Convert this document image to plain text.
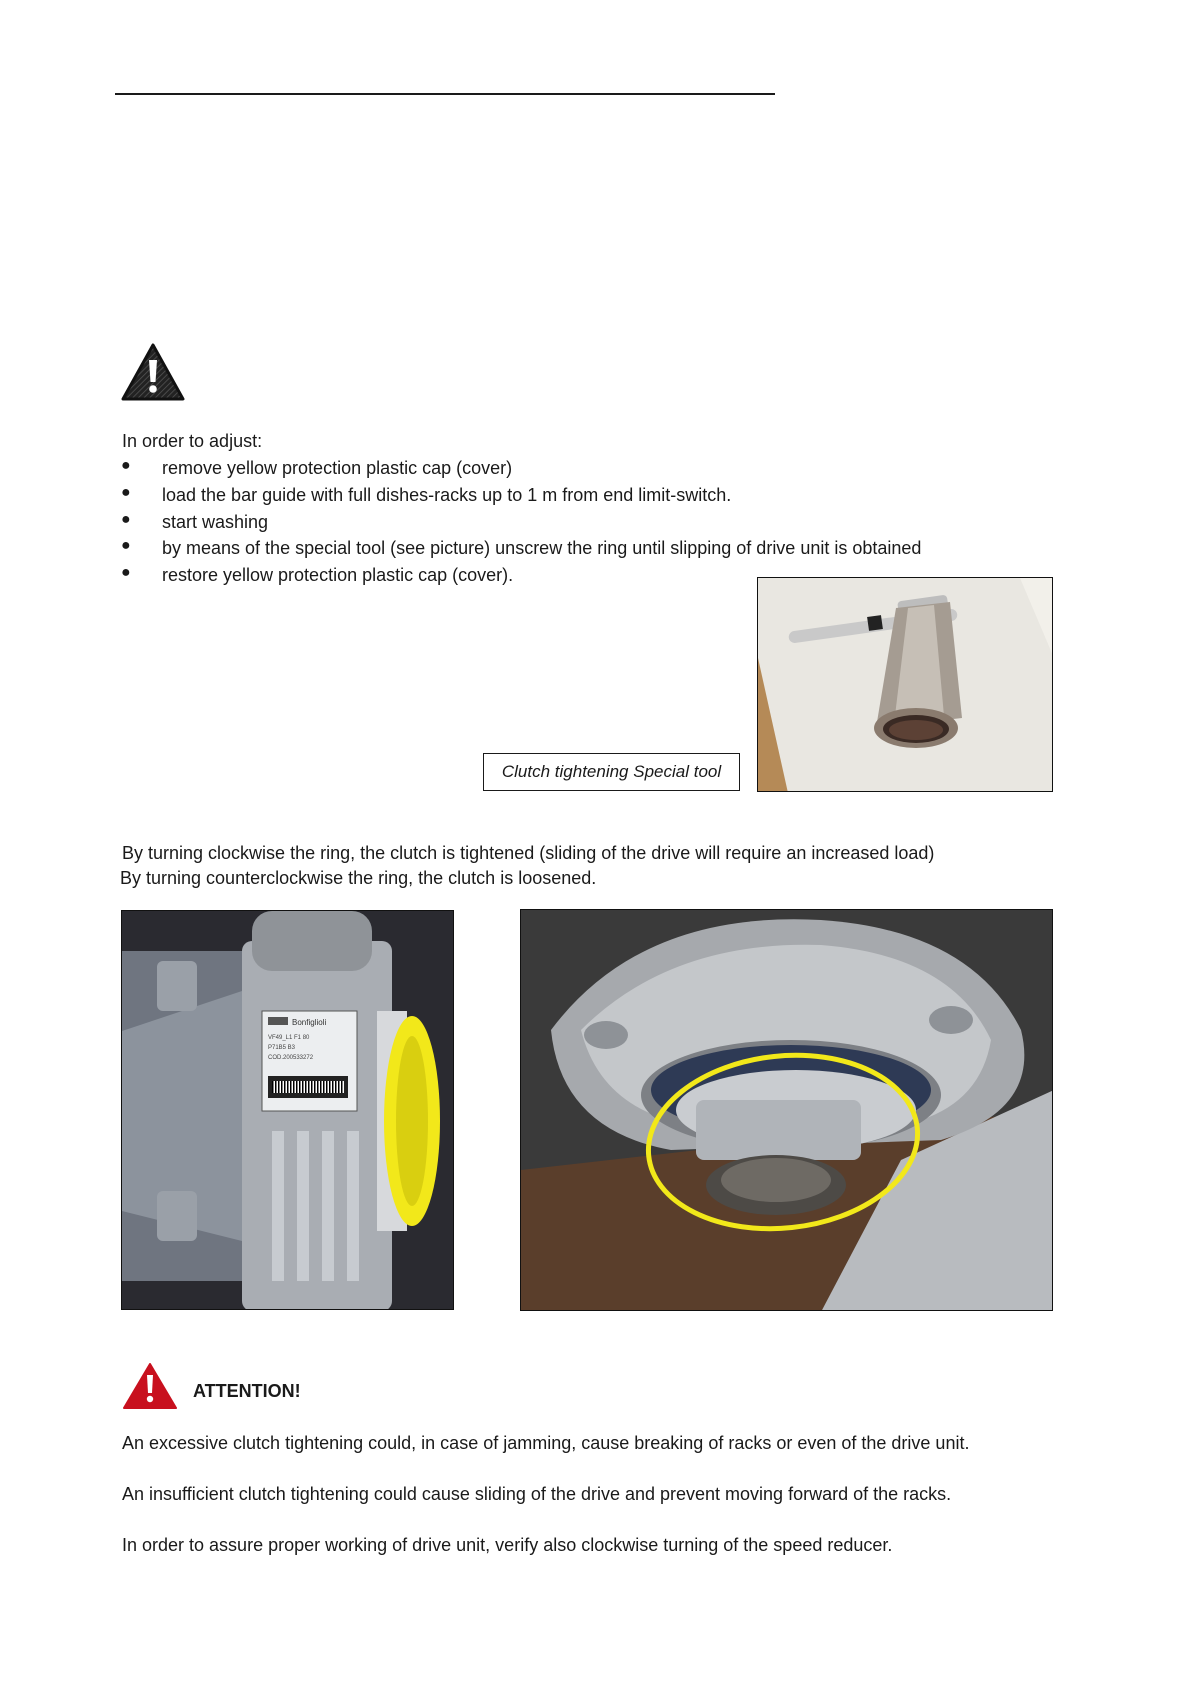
In order to adjust:
● remove yellow protection plastic cap (cover)
● load the bar guide with full dishes-racks up to 1 m from end limit-switch.
● start washing
● by means of the special tool (see picture) unscrew the ring until slipping of drive unit is obtained
● restore yellow protection plastic cap (cover).
Clutch tightening Special tool
By turning clockwise the ring, the clutch is tightened (sliding of the drive will require an increased load)
By turning counterclockwise the ring, the clutch is loosened.
Bonfiglioli
VF49_L1 F1 80
P71B5 B3
COD.200533272
ATTENTION!
An excessive clutch tightening could, in case of jamming, cause breaking of racks or even of the drive unit.
An insufficient clutch tightening could cause sliding of the drive and prevent moving forward of the racks.
In order to assure proper working of drive unit, verify also clockwise turning of the speed reducer.
